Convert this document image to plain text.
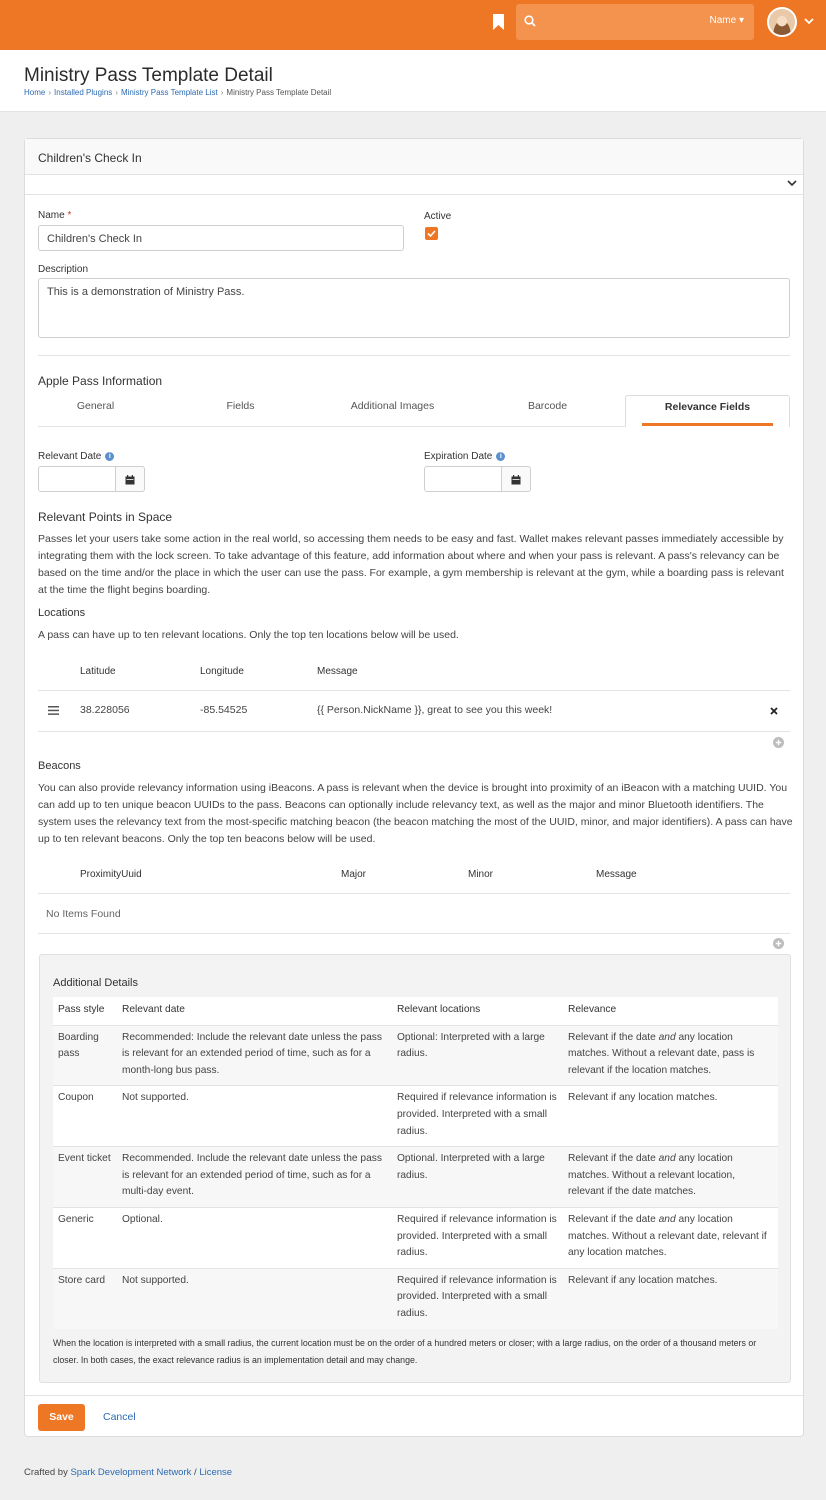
Name ▾
Ministry Pass Template Detail
Home › Installed Plugins › Ministry Pass Template List › Ministry Pass Template Detail
Children's Check In
Name *
Children's Check In
Active
Description
This is a demonstration of Ministry Pass.
Apple Pass Information
General	Fields	Additional Images	Barcode	Relevance Fields
Relevant Date i	Expiration Date i
Relevant Points in Space
Passes let your users take some action in the real world, so accessing them needs to be easy and fast. Wallet makes relevant passes immediately accessible by integrating them with the lock screen. To take advantage of this feature, add information about where and when your pass is relevant. A pass's relevancy can be based on the time and/or the place in which the user can use the pass. For example, a gym membership is relevant at the gym, while a boarding pass is relevant at the time the flight begins boarding.
Locations
A pass can have up to ten relevant locations. Only the top ten locations below will be used.
Latitude	Longitude	Message
38.228056	-85.54525	{{ Person.NickName }}, great to see you this week!
Beacons
You can also provide relevancy information using iBeacons. A pass is relevant when the device is brought into proximity of an iBeacon with a matching UUID. You can add up to ten unique beacon UUIDs to the pass. Beacons can optionally include relevancy text, as well as the major and minor Bluetooth identifiers. The system uses the relevancy text from the most-specific matching beacon (the beacon matching the most of the UUID, minor, and major identifiers). A pass can have up to ten relevant beacons. Only the top ten beacons below will be used.
ProximityUuid	Major	Minor	Message
No Items Found
Additional Details
Pass style	Relevant date	Relevant locations	Relevance
Boarding pass	Recommended: Include the relevant date unless the pass is relevant for an extended period of time, such as for a month-long bus pass.	Optional: Interpreted with a large radius.	Relevant if the date and any location matches. Without a relevant date, pass is relevant if the location matches.
Coupon	Not supported.	Required if relevance information is provided. Interpreted with a small radius.	Relevant if any location matches.
Event ticket	Recommended. Include the relevant date unless the pass is relevant for an extended period of time, such as for a multi-day event.	Optional. Interpreted with a large radius.	Relevant if the date and any location matches. Without a relevant location, relevant if the date matches.
Generic	Optional.	Required if relevance information is provided. Interpreted with a small radius.	Relevant if the date and any location matches. Without a relevant date, relevant if any location matches.
Store card	Not supported.	Required if relevance information is provided. Interpreted with a small radius.	Relevant if any location matches.
When the location is interpreted with a small radius, the current location must be on the order of a hundred meters or closer; with a large radius, on the order of a thousand meters or closer. In both cases, the exact relevance radius is an implementation detail and may change.
Save	Cancel
Crafted by Spark Development Network / License
